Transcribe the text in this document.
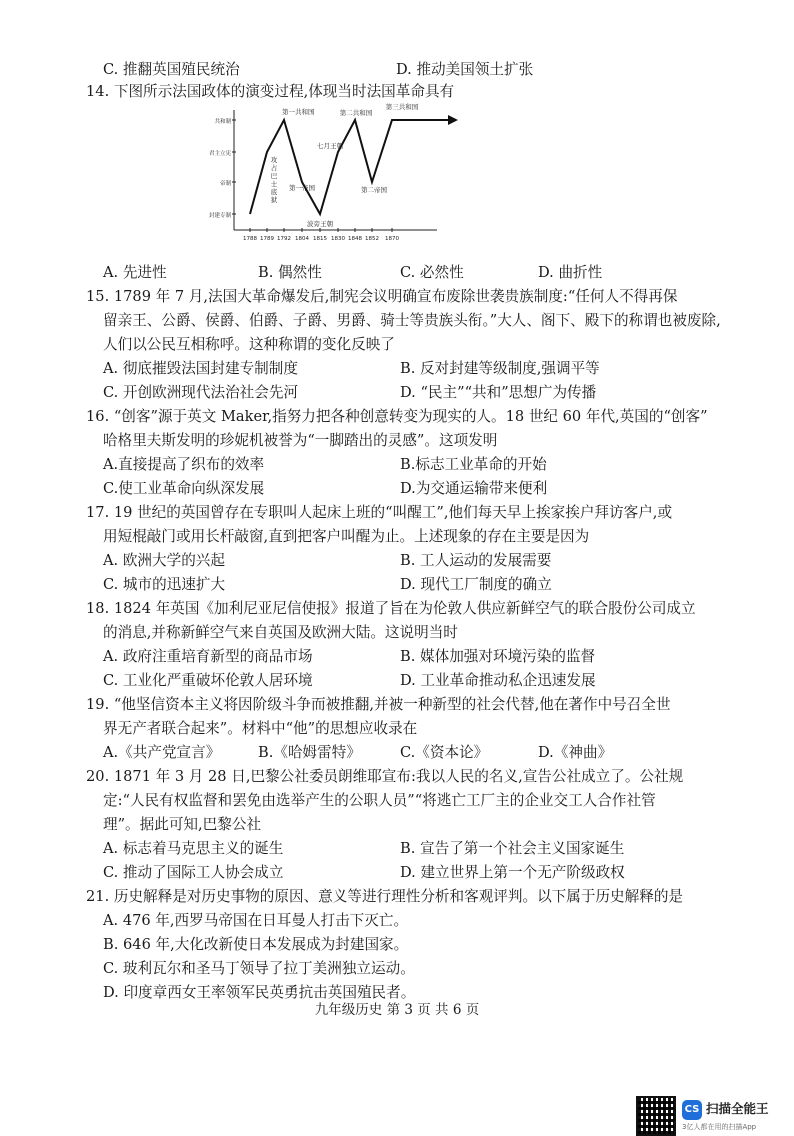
C. 推翻英国殖民统治	D. 推动美国领土扩张
14. 下图所示法国政体的演变过程,体现当时法国革命具有
封建专制
帝制
君主立宪
共和制
1788 1789 1792 1804 1815 1830 1848 1852 1870
攻
占
巴
士
底
狱
第一共和国
第一帝国
波旁王朝
七月王朝
第二共和国
第二帝国
第三共和国
A. 先进性	B. 偶然性	C. 必然性	D. 曲折性
15. 1789 年 7 月,法国大革命爆发后,制宪会议明确宣布废除世袭贵族制度:“任何人不得再保
留亲王、公爵、侯爵、伯爵、子爵、男爵、骑士等贵族头衔。”大人、阁下、殿下的称谓也被废除,
人们以公民互相称呼。这种称谓的变化反映了
A. 彻底摧毁法国封建专制制度	B. 反对封建等级制度,强调平等
C. 开创欧洲现代法治社会先河	D. “民主”“共和”思想广为传播
16. “创客”源于英文 Maker,指努力把各种创意转变为现实的人。18 世纪 60 年代,英国的“创客”
哈格里夫斯发明的珍妮机被誉为“一脚踏出的灵感”。这项发明
A.直接提高了织布的效率	B.标志工业革命的开始
C.使工业革命向纵深发展	D.为交通运输带来便利
17. 19 世纪的英国曾存在专职叫人起床上班的“叫醒工”,他们每天早上挨家挨户拜访客户,或
用短棍敲门或用长杆敲窗,直到把客户叫醒为止。上述现象的存在主要是因为
A. 欧洲大学的兴起	B. 工人运动的发展需要
C. 城市的迅速扩大	D. 现代工厂制度的确立
18. 1824 年英国《加利尼亚尼信使报》报道了旨在为伦敦人供应新鲜空气的联合股份公司成立
的消息,并称新鲜空气来自英国及欧洲大陆。这说明当时
A. 政府注重培育新型的商品市场	B. 媒体加强对环境污染的监督
C. 工业化严重破坏伦敦人居环境	D. 工业革命推动私企迅速发展
19. “他坚信资本主义将因阶级斗争而被推翻,并被一种新型的社会代替,他在著作中号召全世
界无产者联合起来”。材料中“他”的思想应收录在
A.《共产党宣言》	B.《哈姆雷特》	C.《资本论》	D.《神曲》
20. 1871 年 3 月 28 日,巴黎公社委员朗维耶宣布:我以人民的名义,宣告公社成立了。公社规
定:“人民有权监督和罢免由选举产生的公职人员”“将逃亡工厂主的企业交工人合作社管
理”。据此可知,巴黎公社
A. 标志着马克思主义的诞生	B. 宣告了第一个社会主义国家诞生
C. 推动了国际工人协会成立	D. 建立世界上第一个无产阶级政权
21. 历史解释是对历史事物的原因、意义等进行理性分析和客观评判。以下属于历史解释的是
A. 476 年,西罗马帝国在日耳曼人打击下灭亡。
B. 646 年,大化改新使日本发展成为封建国家。
C. 玻利瓦尔和圣马丁领导了拉丁美洲独立运动。
D. 印度章西女王率领军民英勇抗击英国殖民者。
九年级历史 第 3 页 共 6 页
CS 扫描全能王
3亿人都在用的扫描App
